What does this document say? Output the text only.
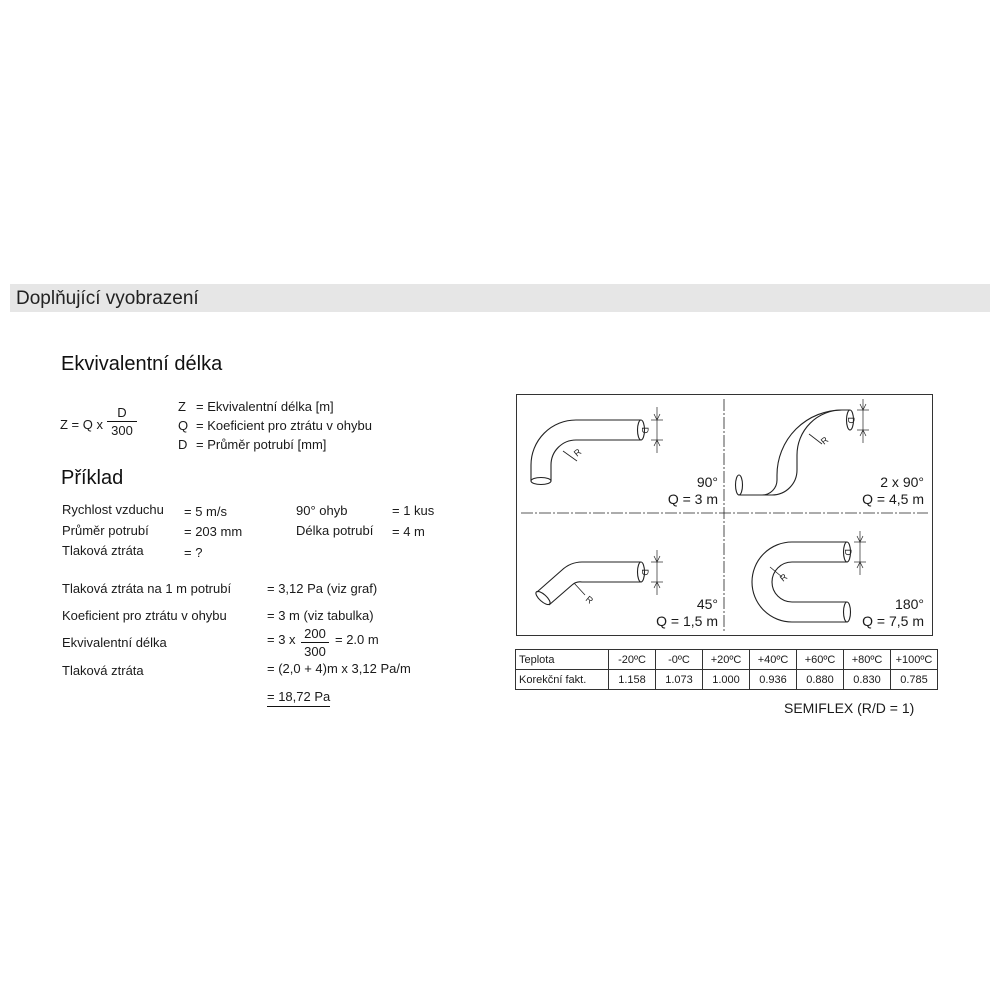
Doplňující vyobrazení
Ekvivalentní délka
Z = Q x $\frac{D}{300}$	Z = Ekvivalentní délka [m]
Q = Koeficient pro ztrátu v ohybu
D = Průměr potrubí [mm]
Příklad
Rychlost vzduchu = 5 m/s	90° ohyb	= 1 kus
Průměr potrubí	= 203 mm	Délka potrubí = 4 m
Tlaková ztráta	= ?
Tlaková ztráta na 1 m potrubí	= 3,12 Pa (viz graf)
Koeficient pro ztrátu v ohybu	= 3 m (viz tabulka)
Ekvivalentní délka	= 3 x $\frac{200}{300} = 2.0$ m
Tlaková ztráta	= (2,0 + 4)m x 3,12 Pa/m
= 18,72 Pa
D
R
D
R
D
R
D
R
90°
Q = 3 m
2 x 90°
Q = 4,5 m
45°
Q = 1,5 m
180°
Q = 7,5 m
Teplota	-20ºC	-0ºC	+20ºC	+40ºC	+60ºC	+80ºC	+100ºC
Korekční fakt.	1.158	1.073	1.000	0.936	0.880	0.830	0.785
SEMIFLEX (R/D = 1)
